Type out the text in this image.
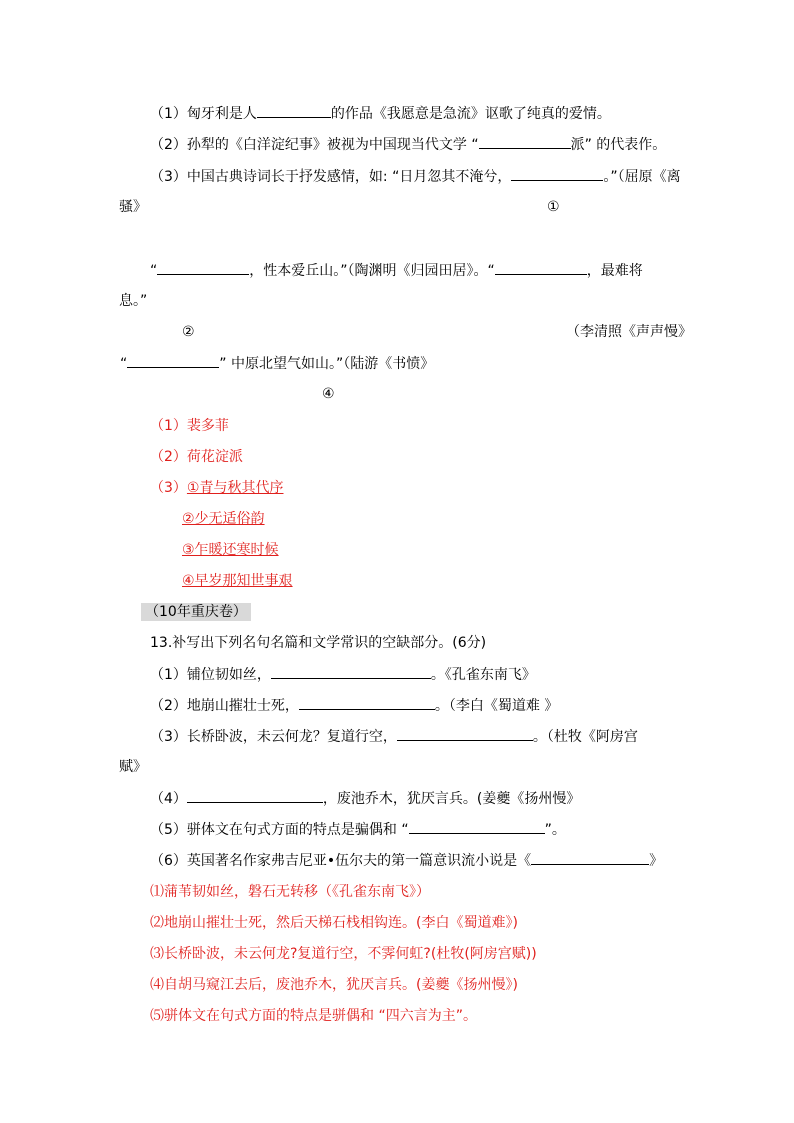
（1）匈牙利是人	的作品《我愿意是急流》讴歌了纯真的爱情。
（2）孙犁的《白洋淀纪事》被视为中国现当代文学 “	派” 的代表作。
（3）中国古典诗词长于抒发感情，如: “日月忽其不淹兮，	。”（屈原《离
骚》	①
“	，性本爱丘山。”（陶渊明《归园田居》。“	，最难将
息。”
②	（李清照《声声慢》
“	” 中原北望气如山。”（陆游《书愤》
④
（1）裴多菲
（2）荷花淀派
（3）①青与秋其代序
②少无适俗韵
③乍暖还寒时候
④早岁那知世事艰
（10年重庆卷）
13.补写出下列名句名篇和文学常识的空缺部分。(6分)
（1）铺位韧如丝，	。《孔雀东南飞》
（2）地崩山摧壮士死，	。（李白《蜀道难 》
（3）长桥卧波，未云何龙？复道行空，	。（杜牧《阿房宫
赋》
（4）	，废池乔木，犹厌言兵。(姜夔《扬州慢》
（5）骈体文在句式方面的特点是骗偶和 “	”。
（6）英国著名作家弗吉尼亚•伍尔夫的第一篇意识流小说是《	》
⑴蒲苇韧如丝，磐石无转移（《孔雀东南飞》）
⑵地崩山摧壮士死，然后天梯石栈相钩连。(李白《蜀道难》)
⑶长桥卧波，未云何龙?复道行空，不霁何虹?(杜牧(阿房宫赋))
⑷自胡马窥江去后，废池乔木，犹厌言兵。(姜夔《扬州慢》)
⑸骈体文在句式方面的特点是骈偶和 “四六言为主”。
